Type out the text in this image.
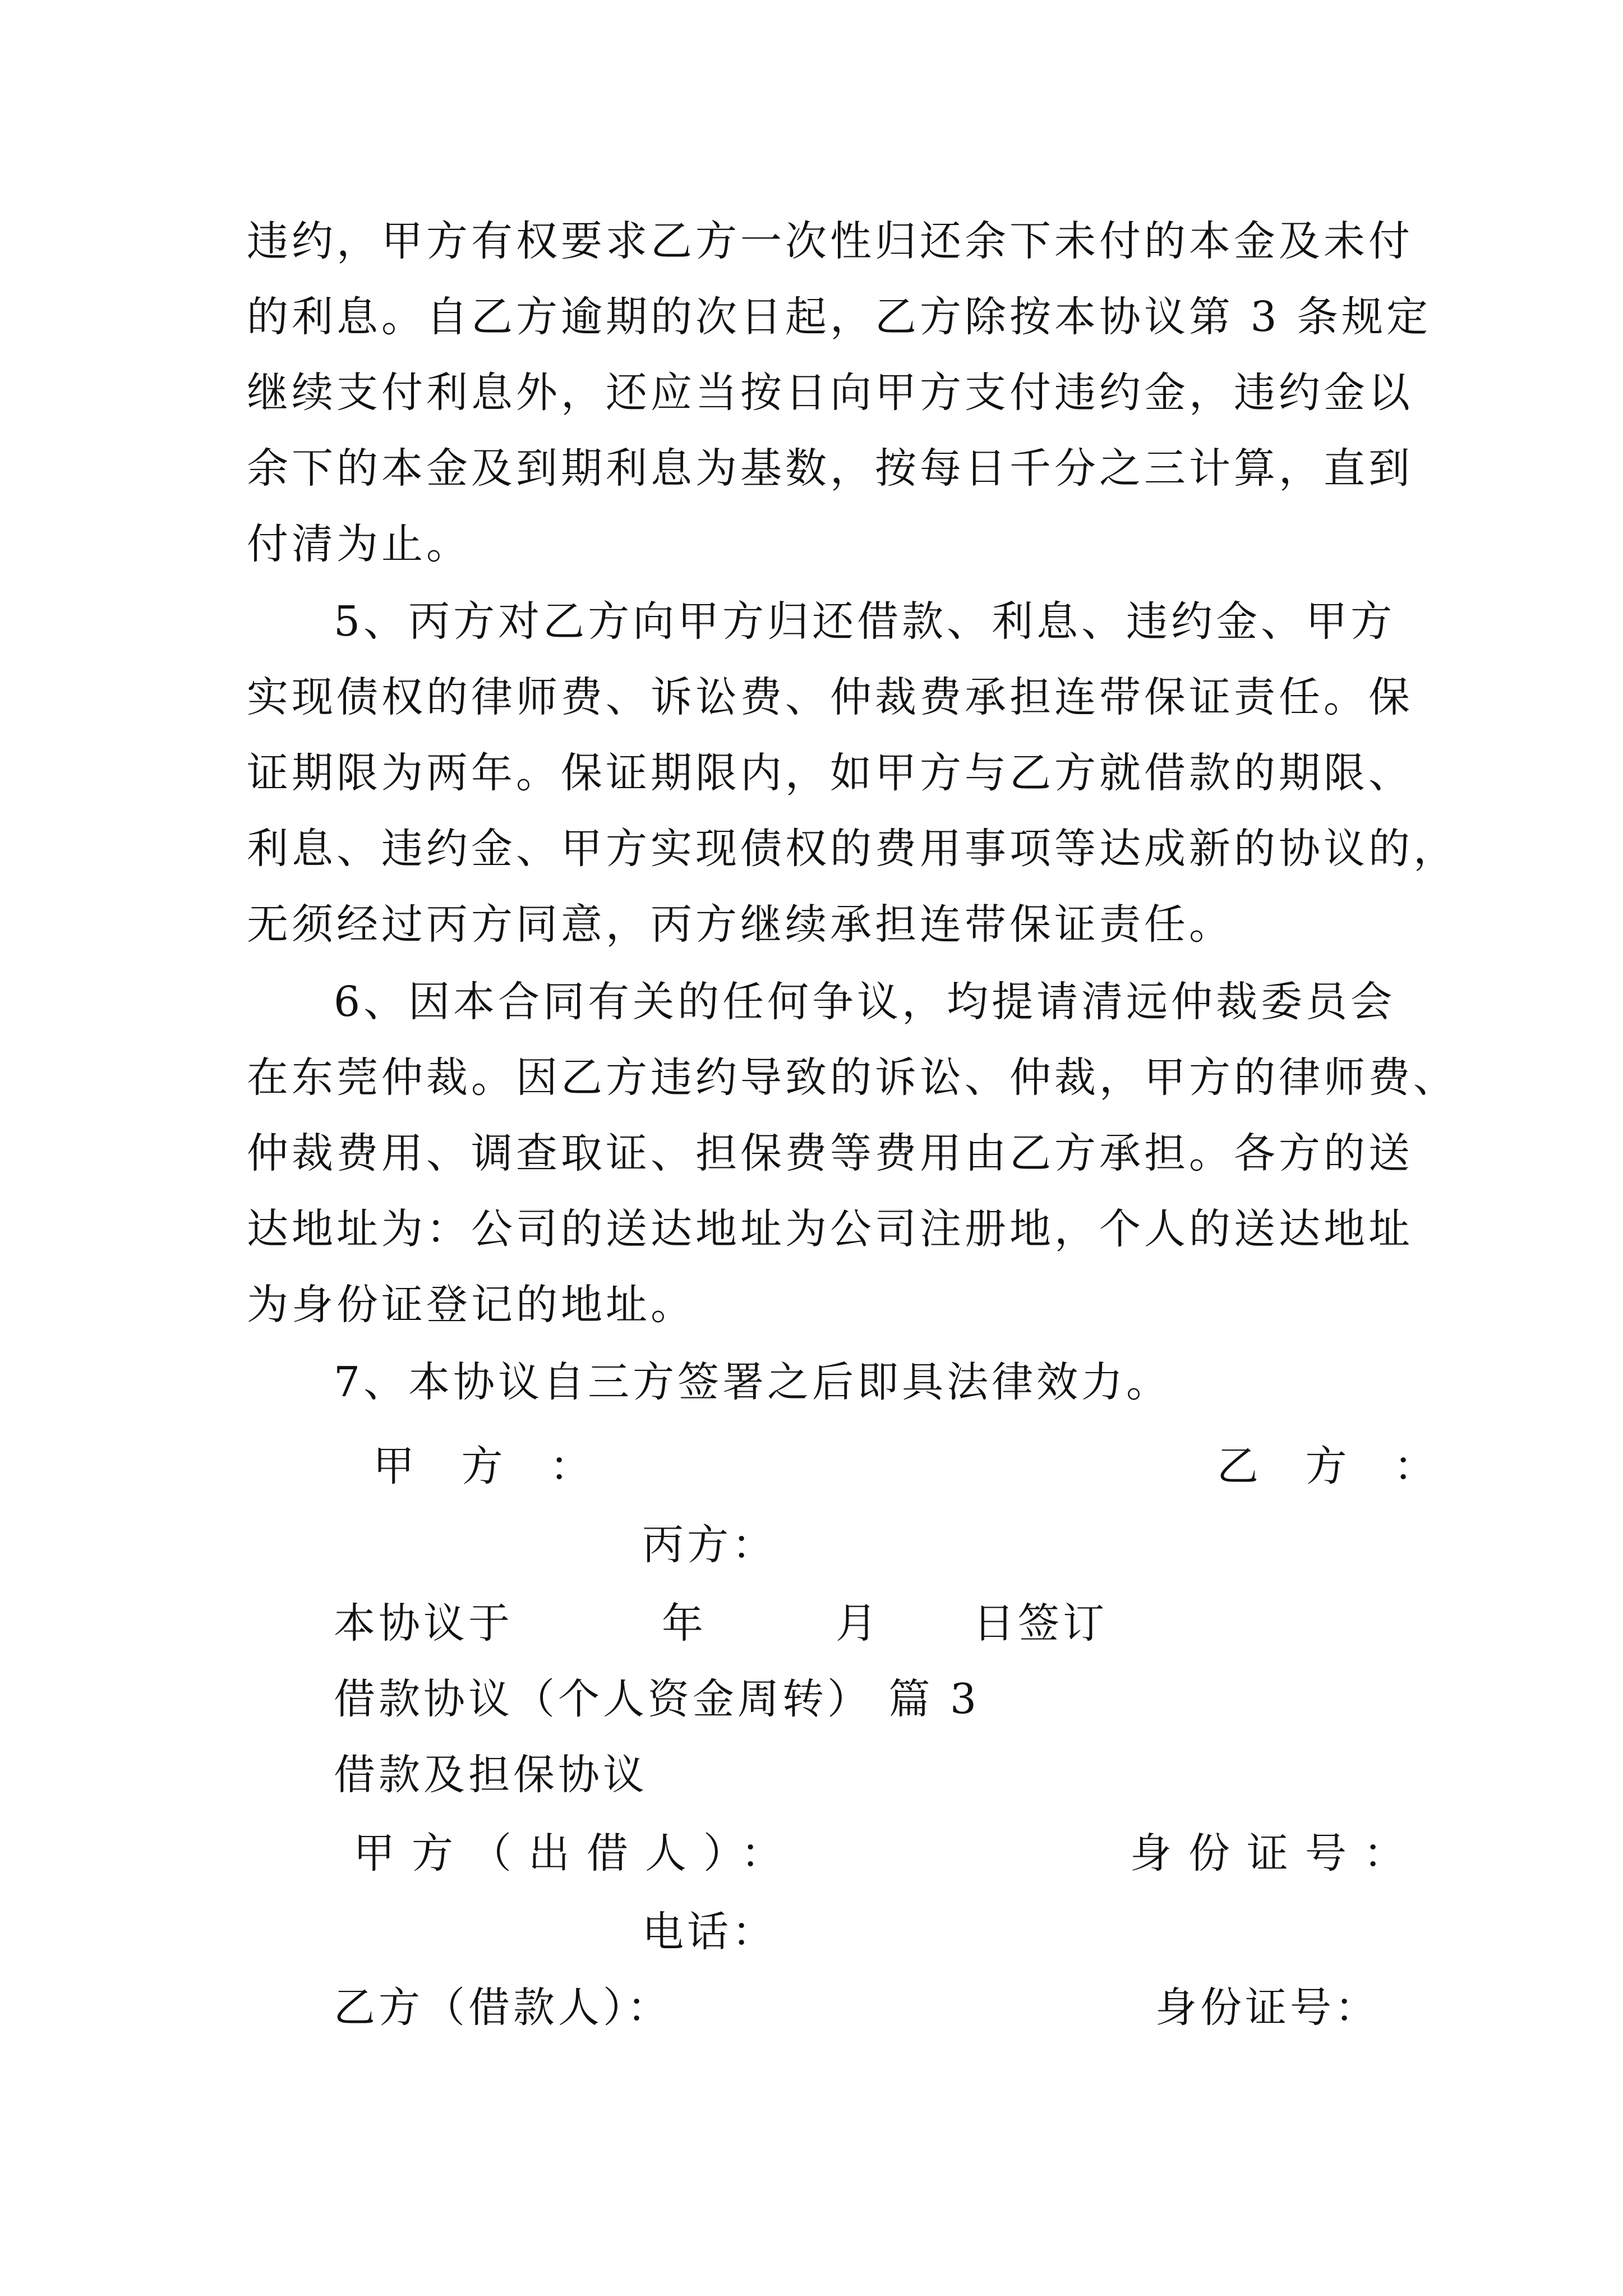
违约，甲方有权要求乙方一次性归还余下未付的本金及未付
的利息。自乙方逾期的次日起，乙方除按本协议第 3 条规定
继续支付利息外，还应当按日向甲方支付违约金，违约金以
余下的本金及到期利息为基数，按每日千分之三计算，直到
付清为止。
5、丙方对乙方向甲方归还借款、利息、违约金、甲方
实现债权的律师费、诉讼费、仲裁费承担连带保证责任。保
证期限为两年。保证期限内，如甲方与乙方就借款的期限、
利息、违约金、甲方实现债权的费用事项等达成新的协议的，
无须经过丙方同意，丙方继续承担连带保证责任。
6、因本合同有关的任何争议，均提请清远仲裁委员会
在东莞仲裁。因乙方违约导致的诉讼、仲裁，甲方的律师费、
仲裁费用、调查取证、担保费等费用由乙方承担。各方的送
达地址为：公司的送达地址为公司注册地，个人的送达地址
为身份证登记的地址。
7、本协议自三方签署之后即具法律效力。
甲 方 ：	乙 方 ：
丙方：
本协议于	年	月 日签订
借款协议（个人资金周转） 篇 3
借款及担保协议
甲方（出借人）：	身份证号：
电话：
乙方（借款人）：	身份证号：
